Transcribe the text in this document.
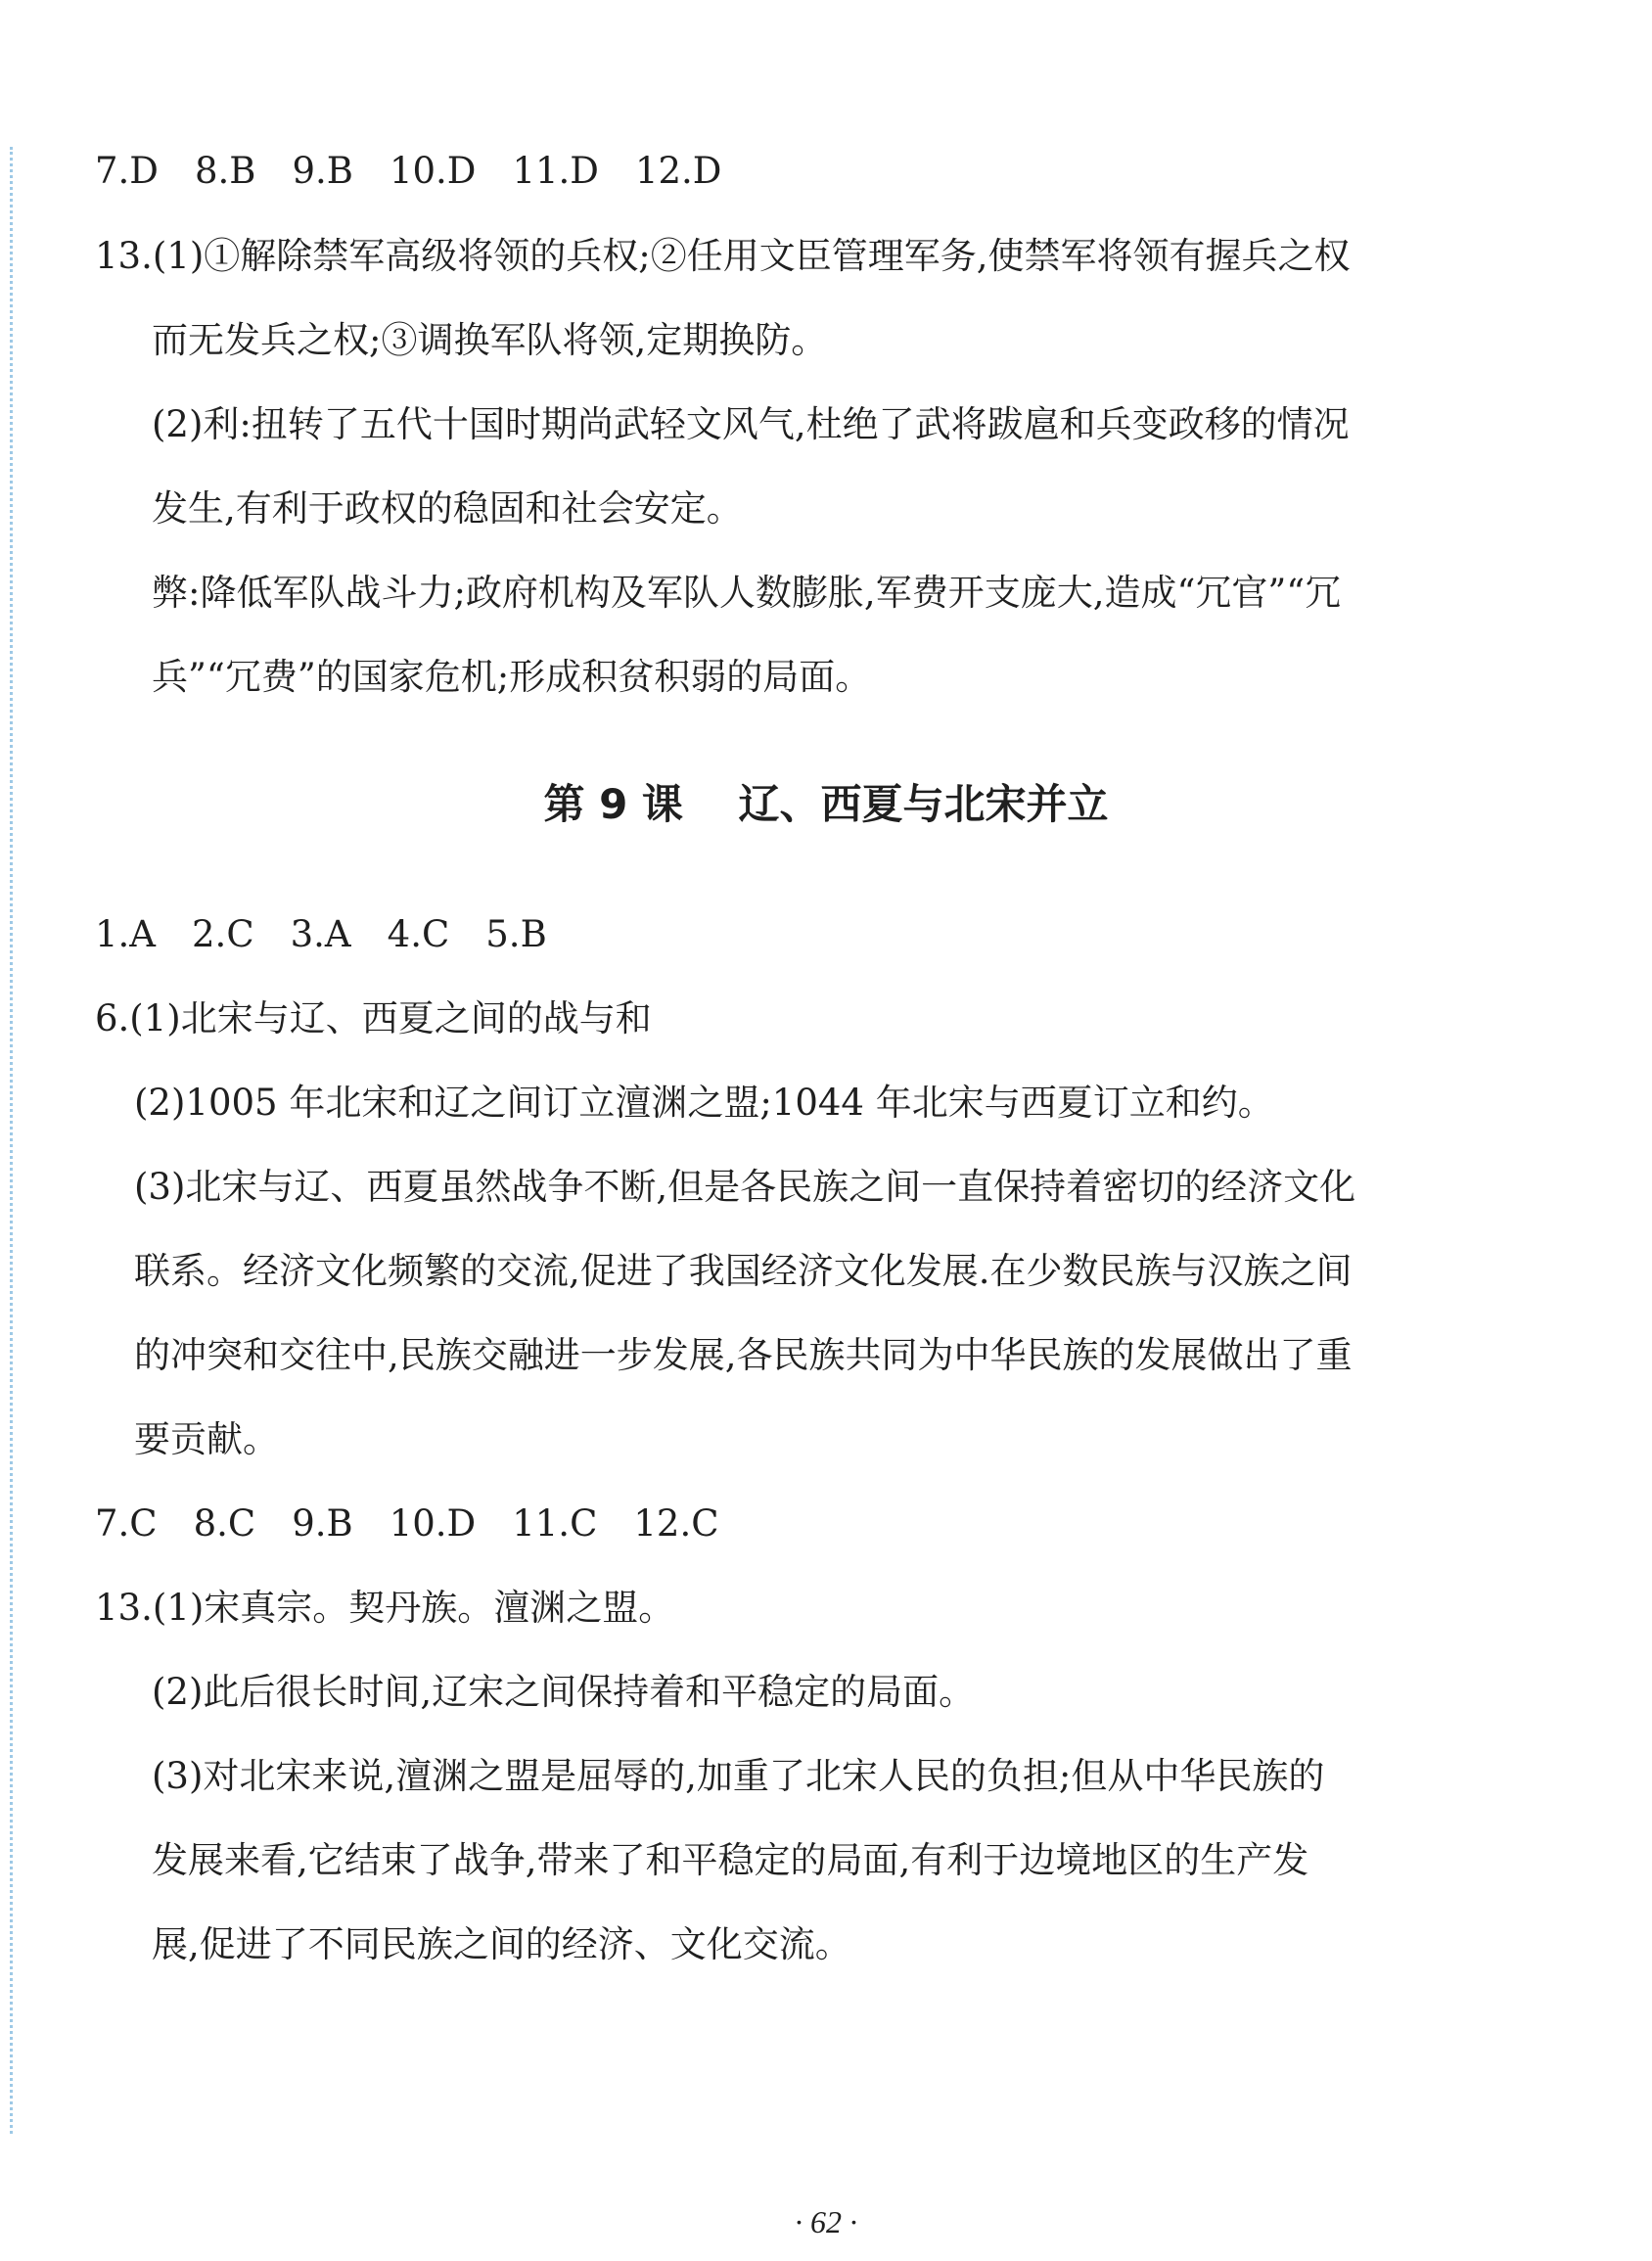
7.D　8.B　9.B　10.D　11.D　12.D
13.(1)①解除禁军高级将领的兵权;②任用文臣管理军务,使禁军将领有握兵之权
而无发兵之权;③调换军队将领,定期换防。
(2)利:扭转了五代十国时期尚武轻文风气,杜绝了武将跋扈和兵变政移的情况
发生,有利于政权的稳固和社会安定。
弊:降低军队战斗力;政府机构及军队人数膨胀,军费开支庞大,造成“冗官”“冗
兵”“冗费”的国家危机;形成积贫积弱的局面。
第 9 课　 辽、西夏与北宋并立
1.A　2.C　3.A　4.C　5.B
6.(1)北宋与辽、西夏之间的战与和
(2)1005 年北宋和辽之间订立澶渊之盟;1044 年北宋与西夏订立和约。
(3)北宋与辽、西夏虽然战争不断,但是各民族之间一直保持着密切的经济文化
联系。经济文化频繁的交流,促进了我国经济文化发展.在少数民族与汉族之间
的冲突和交往中,民族交融进一步发展,各民族共同为中华民族的发展做出了重
要贡献。
7.C　8.C　9.B　10.D　11.C　12.C
13.(1)宋真宗。契丹族。澶渊之盟。
(2)此后很长时间,辽宋之间保持着和平稳定的局面。
(3)对北宋来说,澶渊之盟是屈辱的,加重了北宋人民的负担;但从中华民族的
发展来看,它结束了战争,带来了和平稳定的局面,有利于边境地区的生产发
展,促进了不同民族之间的经济、文化交流。
· 62 ·
